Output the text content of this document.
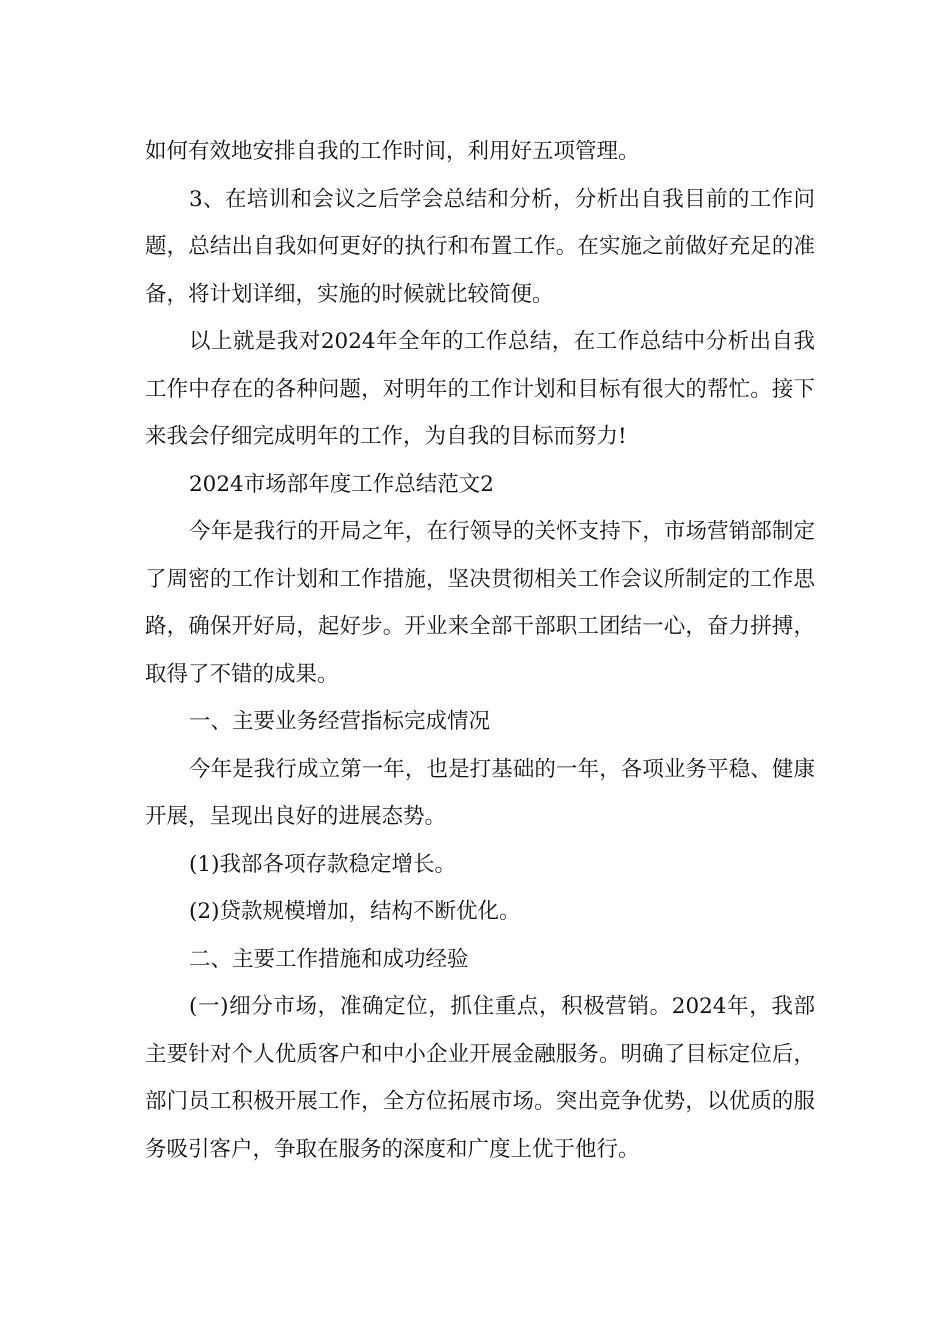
如何有效地安排自我的工作时间，利用好五项管理。

3、在培训和会议之后学会总结和分析，分析出自我目前的工作问题，总结出自我如何更好的执行和布置工作。在实施之前做好充足的准备，将计划详细，实施的时候就比较简便。

以上就是我对2024年全年的工作总结，在工作总结中分析出自我工作中存在的各种问题，对明年的工作计划和目标有很大的帮忙。接下来我会仔细完成明年的工作，为自我的目标而努力!

2024市场部年度工作总结范文2

今年是我行的开局之年，在行领导的关怀支持下，市场营销部制定了周密的工作计划和工作措施，坚决贯彻相关工作会议所制定的工作思路，确保开好局，起好步。开业来全部干部职工团结一心，奋力拼搏，取得了不错的成果。

一、主要业务经营指标完成情况

今年是我行成立第一年，也是打基础的一年，各项业务平稳、健康开展，呈现出良好的进展态势。

(1)我部各项存款稳定增长。

(2)贷款规模增加，结构不断优化。

二、主要工作措施和成功经验

(一)细分市场，准确定位，抓住重点，积极营销。2024年，我部主要针对个人优质客户和中小企业开展金融服务。明确了目标定位后，部门员工积极开展工作，全方位拓展市场。突出竞争优势，以优质的服务吸引客户，争取在服务的深度和广度上优于他行。
